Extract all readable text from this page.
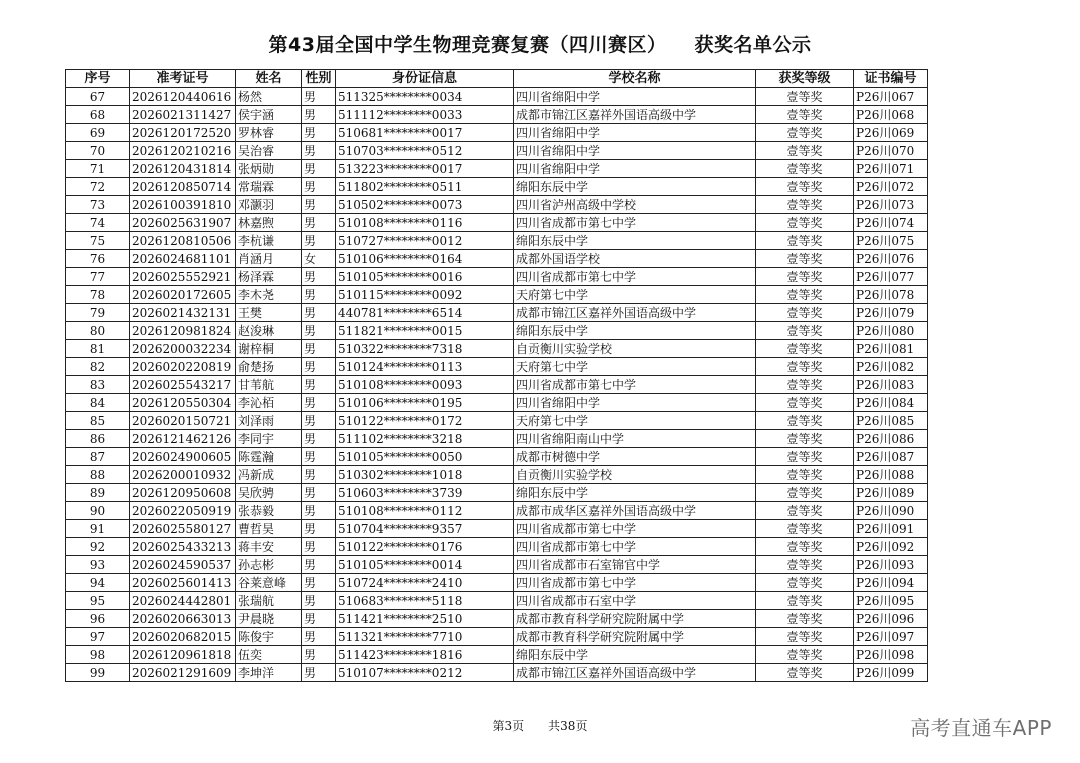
第43届全国中学生物理竞赛复赛（四川赛区） 获奖名单公示
序号	准考证号	姓名	性别	身份证信息	学校名称	获奖等级	证书编号
67	2026120440616	杨然	男	511325********0034	四川省绵阳中学	壹等奖	P26川067
68	2026021311427	侯宇涵	男	511112********0033	成都市锦江区嘉祥外国语高级中学	壹等奖	P26川068
69	2026120172520	罗林睿	男	510681********0017	四川省绵阳中学	壹等奖	P26川069
70	2026120210216	吴治睿	男	510703********0512	四川省绵阳中学	壹等奖	P26川070
71	2026120431814	张炳勋	男	513223********0017	四川省绵阳中学	壹等奖	P26川071
72	2026120850714	常瑞霖	男	511802********0511	绵阳东辰中学	壹等奖	P26川072
73	2026100391810	邓灏羽	男	510502********0073	四川省泸州高级中学校	壹等奖	P26川073
74	2026025631907	林嘉煦	男	510108********0116	四川省成都市第七中学	壹等奖	P26川074
75	2026120810506	李杭谦	男	510727********0012	绵阳东辰中学	壹等奖	P26川075
76	2026024681101	肖涵月	女	510106********0164	成都外国语学校	壹等奖	P26川076
77	2026025552921	杨泽霖	男	510105********0016	四川省成都市第七中学	壹等奖	P26川077
78	2026020172605	李木尧	男	510115********0092	天府第七中学	壹等奖	P26川078
79	2026021432131	王樊	男	440781********6514	成都市锦江区嘉祥外国语高级中学	壹等奖	P26川079
80	2026120981824	赵浚琳	男	511821********0015	绵阳东辰中学	壹等奖	P26川080
81	2026200032234	谢梓桐	男	510322********7318	自贡衡川实验学校	壹等奖	P26川081
82	2026020220819	俞楚扬	男	510124********0113	天府第七中学	壹等奖	P26川082
83	2026025543217	甘苇航	男	510108********0093	四川省成都市第七中学	壹等奖	P26川083
84	2026120550304	李沁栢	男	510106********0195	四川省绵阳中学	壹等奖	P26川084
85	2026020150721	刘泽雨	男	510122********0172	天府第七中学	壹等奖	P26川085
86	2026121462126	李同宇	男	511102********3218	四川省绵阳南山中学	壹等奖	P26川086
87	2026024900605	陈霆瀚	男	510105********0050	成都市树德中学	壹等奖	P26川087
88	2026200010932	冯新成	男	510302********1018	自贡衡川实验学校	壹等奖	P26川088
89	2026120950608	吴欣骋	男	510603********3739	绵阳东辰中学	壹等奖	P26川089
90	2026022050919	张恭毅	男	510108********0112	成都市成华区嘉祥外国语高级中学	壹等奖	P26川090
91	2026025580127	曹哲昊	男	510704********9357	四川省成都市第七中学	壹等奖	P26川091
92	2026025433213	蒋丰安	男	510122********0176	四川省成都市第七中学	壹等奖	P26川092
93	2026024590537	孙志彬	男	510105********0014	四川省成都市石室锦官中学	壹等奖	P26川093
94	2026025601413	谷莱意峰	男	510724********2410	四川省成都市第七中学	壹等奖	P26川094
95	2026024442801	张瑞航	男	510683********5118	四川省成都市石室中学	壹等奖	P26川095
96	2026020663013	尹晨晓	男	511421********2510	成都市教育科学研究院附属中学	壹等奖	P26川096
97	2026020682015	陈俊宇	男	511321********7710	成都市教育科学研究院附属中学	壹等奖	P26川097
98	2026120961818	伍奕	男	511423********1816	绵阳东辰中学	壹等奖	P26川098
99	2026021291609	李坤洋	男	510107********0212	成都市锦江区嘉祥外国语高级中学	壹等奖	P26川099
第3页 共38页	高考直通车APP
